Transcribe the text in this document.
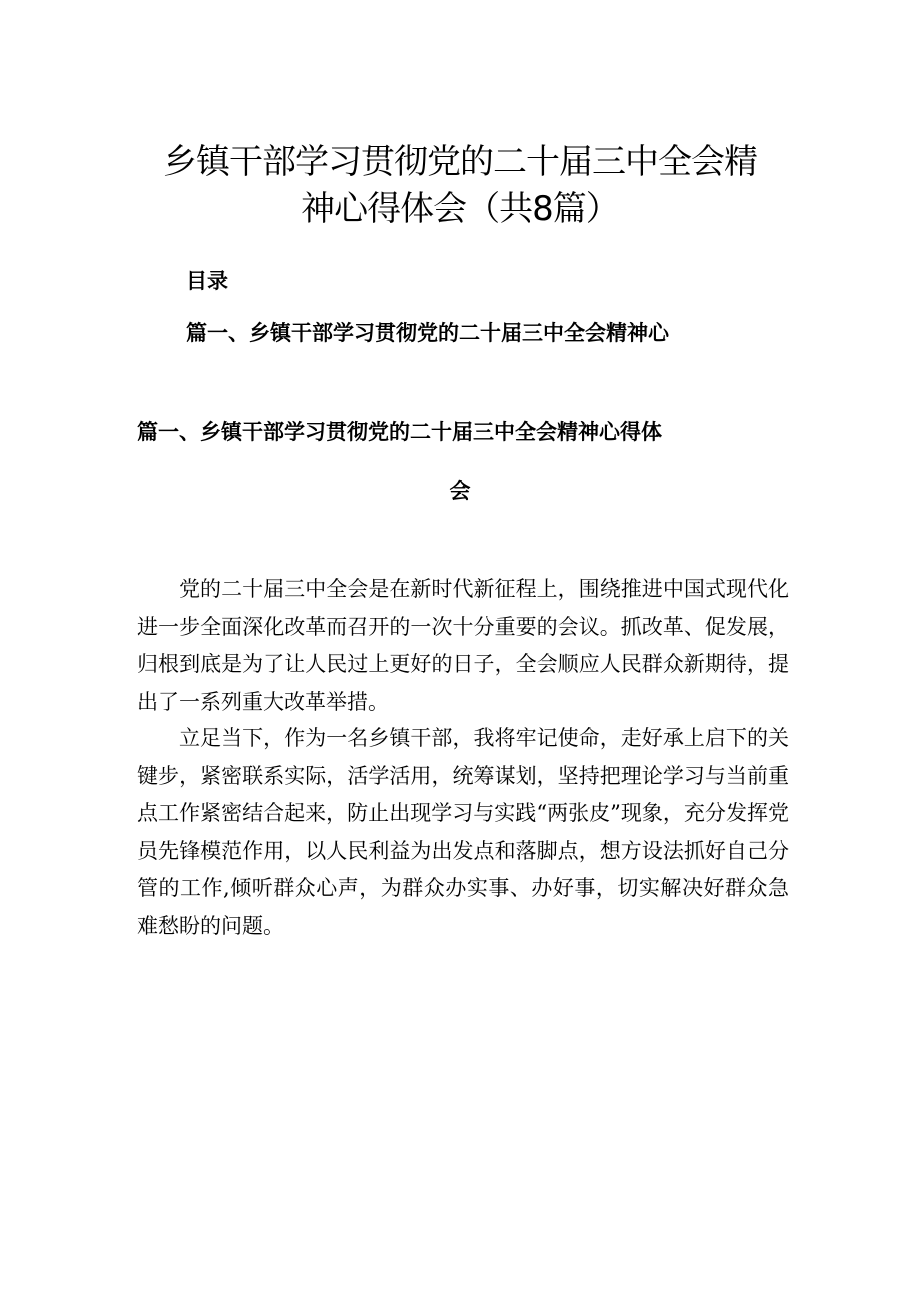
乡镇干部学习贯彻党的二十届三中全会精
神心得体会（共8篇）
目录
篇一、乡镇干部学习贯彻党的二十届三中全会精神心
篇一、乡镇干部学习贯彻党的二十届三中全会精神心得体
会

党的二十届三中全会是在新时代新征程上，围绕推进中国式现代化进一步全面深化改革而召开的一次十分重要的会议。抓改革、促发展，归根到底是为了让人民过上更好的日子，全会顺应人民群众新期待，提出了一系列重大改革举措。

立足当下，作为一名乡镇干部，我将牢记使命，走好承上启下的关键步，紧密联系实际，活学活用，统筹谋划，坚持把理论学习与当前重点工作紧密结合起来，防止出现学习与实践“两张皮”现象，充分发挥党员先锋模范作用，以人民利益为出发点和落脚点，想方设法抓好自己分管的工作,倾听群众心声，为群众办实事、办好事，切实解决好群众急难愁盼的问题。
